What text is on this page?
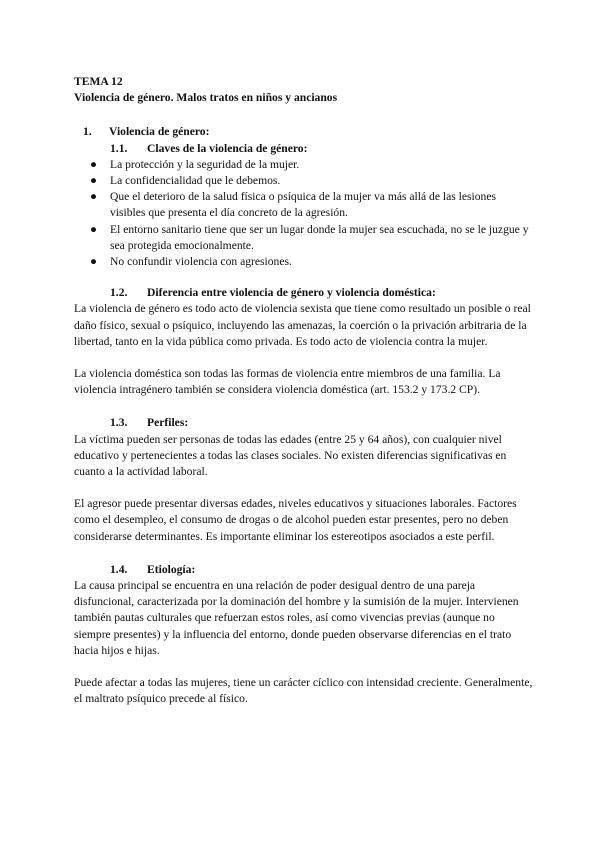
TEMA 12

Violencia de género. Malos tratos en niños y ancianos

1.	Violencia de género:
1.1.	Claves de la violencia de género:
● La protección y la seguridad de la mujer.
● La confidencialidad que le debemos.
● Que el deterioro de la salud física o psíquica de la mujer va más allá de las lesiones visibles que presenta el día concreto de la agresión.
● El entorno sanitario tiene que ser un lugar donde la mujer sea escuchada, no se le juzgue y sea protegida emocionalmente.
● No confundir violencia con agresiones.
1.2.	Diferencia entre violencia de género y violencia doméstica:

La violencia de género es todo acto de violencia sexista que tiene como resultado un posible o real daño físico, sexual o psíquico, incluyendo las amenazas, la coerción o la privación arbitraria de la libertad, tanto en la vida pública como privada. Es todo acto de violencia contra la mujer.

La violencia doméstica son todas las formas de violencia entre miembros de una familia. La violencia intragénero también se considera violencia doméstica (art. 153.2 y 173.2 CP).

1.3.	Perfiles:

La víctima pueden ser personas de todas las edades (entre 25 y 64 años), con cualquier nivel educativo y pertenecientes a todas las clases sociales. No existen diferencias significativas en cuanto a la actividad laboral.

El agresor puede presentar diversas edades, niveles educativos y situaciones laborales. Factores como el desempleo, el consumo de drogas o de alcohol pueden estar presentes, pero no deben considerarse determinantes. Es importante eliminar los estereotipos asociados a este perfil.

1.4.	Etiología:

La causa principal se encuentra en una relación de poder desigual dentro de una pareja disfuncional, caracterizada por la dominación del hombre y la sumisión de la mujer. Intervienen también pautas culturales que refuerzan estos roles, así como vivencias previas (aunque no siempre presentes) y la influencia del entorno, donde pueden observarse diferencias en el trato hacia hijos e hijas.

Puede afectar a todas las mujeres, tiene un carácter cíclico con intensidad creciente. Generalmente, el maltrato psíquico precede al físico.
